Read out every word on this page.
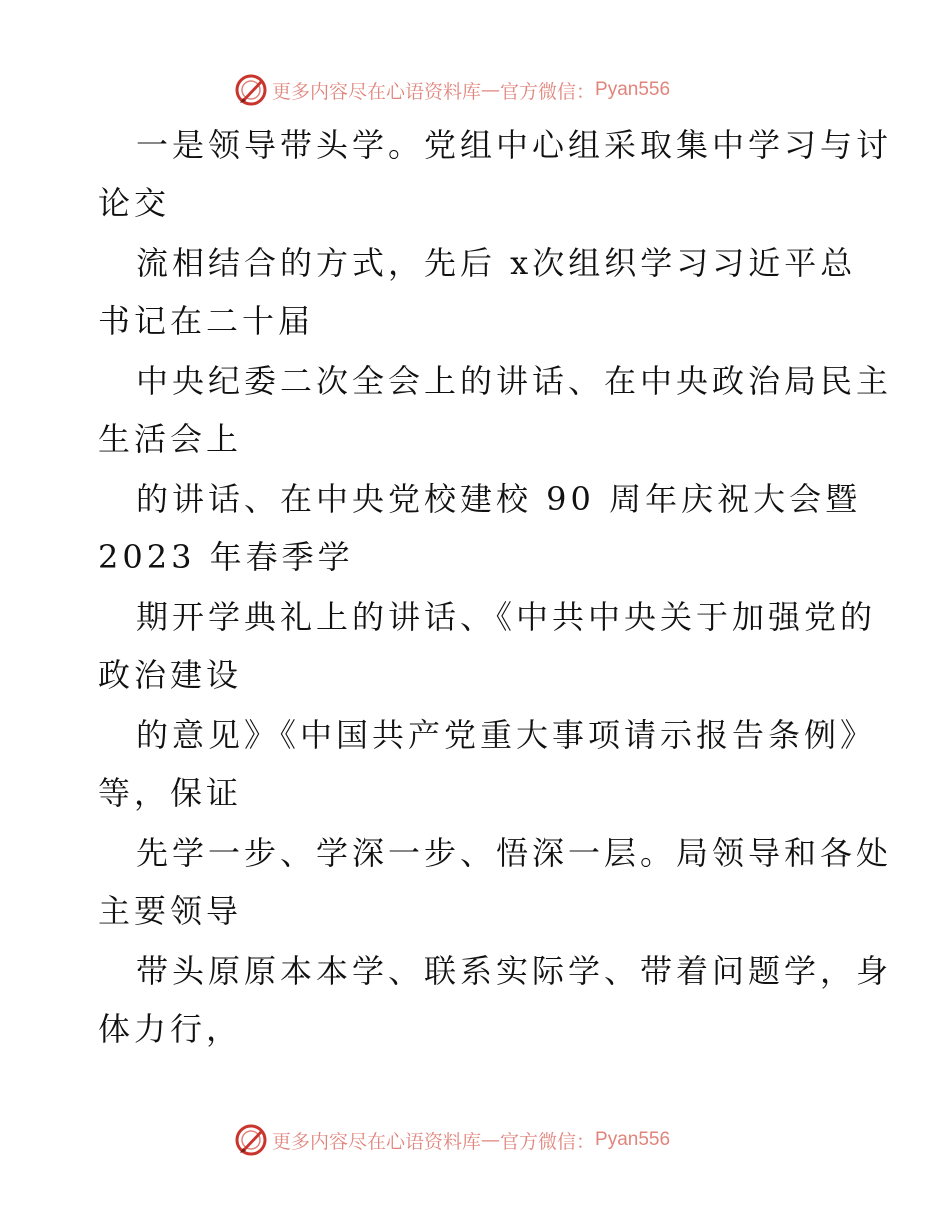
更多内容尽在心语资料库 — 官方微信： Pyan556
一是领导带头学。党组中心组采取集中学习与讨
论交
流相结合的方式，先后 x次组织学习习近平总
书记在二十届
中央纪委二次全会上的讲话、在中央政治局民主
生活会上
的讲话、在中央党校建校 90 周年庆祝大会暨
2023 年春季学
期开学典礼上的讲话、《中共中央关于加强党的
政治建设
的意见》《中国共产党重大事项请示报告条例》
等，保证
先学一步、学深一步、悟深一层。局领导和各处
主要领导
带头原原本本学、联系实际学、带着问题学，身
体力行，
更多内容尽在心语资料库 — 官方微信： Pyan556
